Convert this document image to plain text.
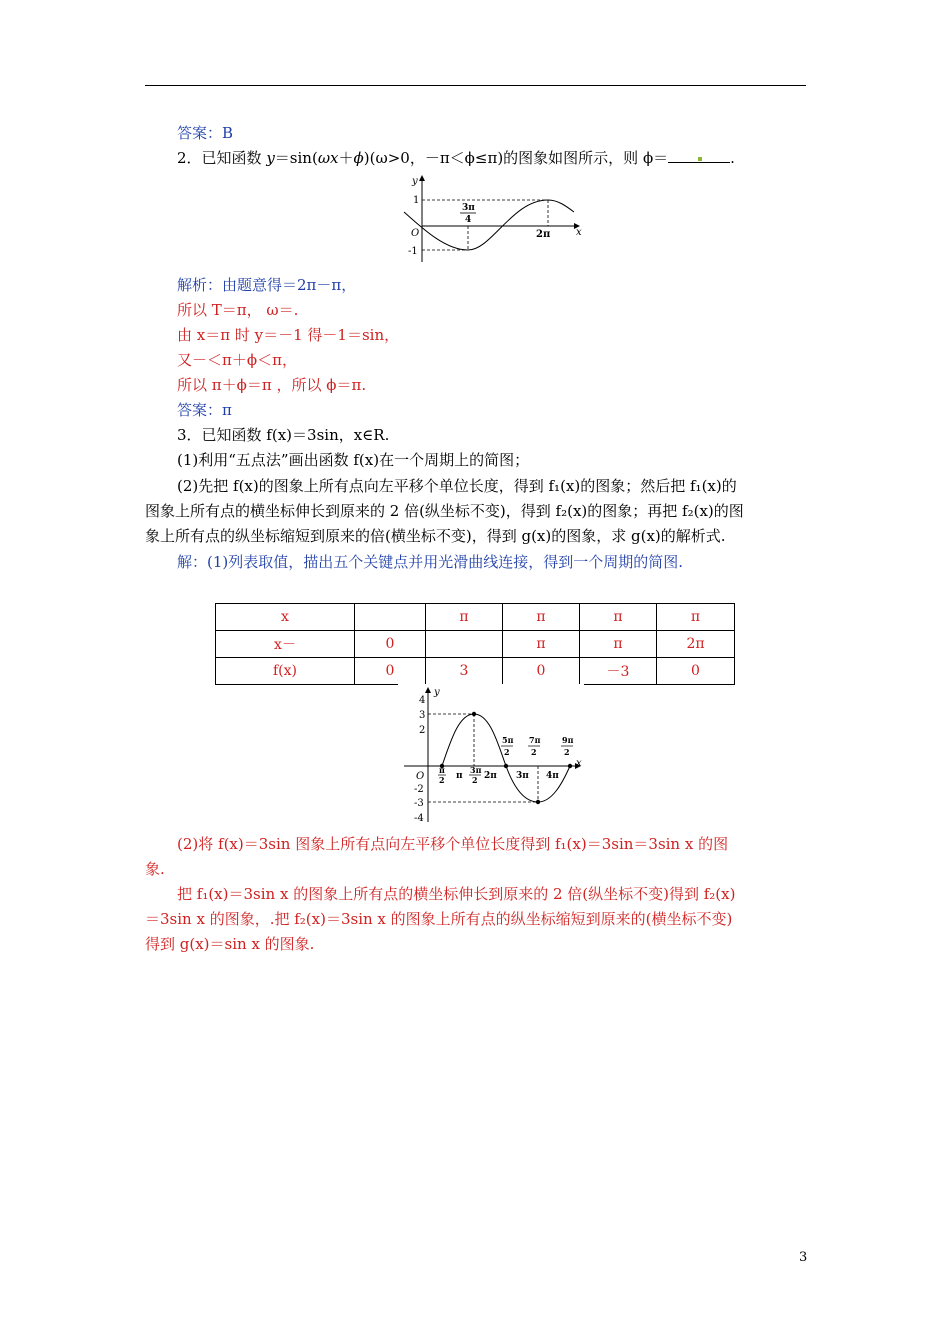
答案：B
2．已知函数 y＝sin(ωx＋ϕ)(ω>0，－π＜ϕ≤π)的图象如图所示，则 ϕ＝	.
y
x
1
-1
O
3π
4
2π
解析：由题意得＝2π－π，
所以 T＝π， ω＝.
由 x＝π 时 y＝－1 得－1＝sin，
又－＜π＋ϕ＜π，
所以 π＋ϕ＝π ，所以 ϕ＝π.
答案：π
3．已知函数 f(x)＝3sin，x∈R.
(1)利用“五点法”画出函数 f(x)在一个周期上的简图；
(2)先把 f(x)的图象上所有点向左平移个单位长度，得到 f₁(x)的图象；然后把 f₁(x)的
图象上所有点的横坐标伸长到原来的 2 倍(纵坐标不变)，得到 f₂(x)的图象；再把 f₂(x)的图
象上所有点的纵坐标缩短到原来的倍(横坐标不变)，得到 g(x)的图象，求 g(x)的解析式.
解：(1)列表取值，描出五个关键点并用光滑曲线连接，得到一个周期的简图.
x		π	π	π	π
x－	0		π	π	2π
f(x)	0	3	0	－3	0
y
x
O
4
3
2
-2
-3
-4
π
2 π
3π
2 2π
5π
2
7π
2
3π 4π
9π
2
(2)将 f(x)＝3sin 图象上所有点向左平移个单位长度得到 f₁(x)＝3sin＝3sin x 的图
象.
把 f₁(x)＝3sin x 的图象上所有点的横坐标伸长到原来的 2 倍(纵坐标不变)得到 f₂(x)
＝3sin x 的图象，.把 f₂(x)＝3sin x 的图象上所有点的纵坐标缩短到原来的(横坐标不变)
得到 g(x)＝sin x 的图象.
3
